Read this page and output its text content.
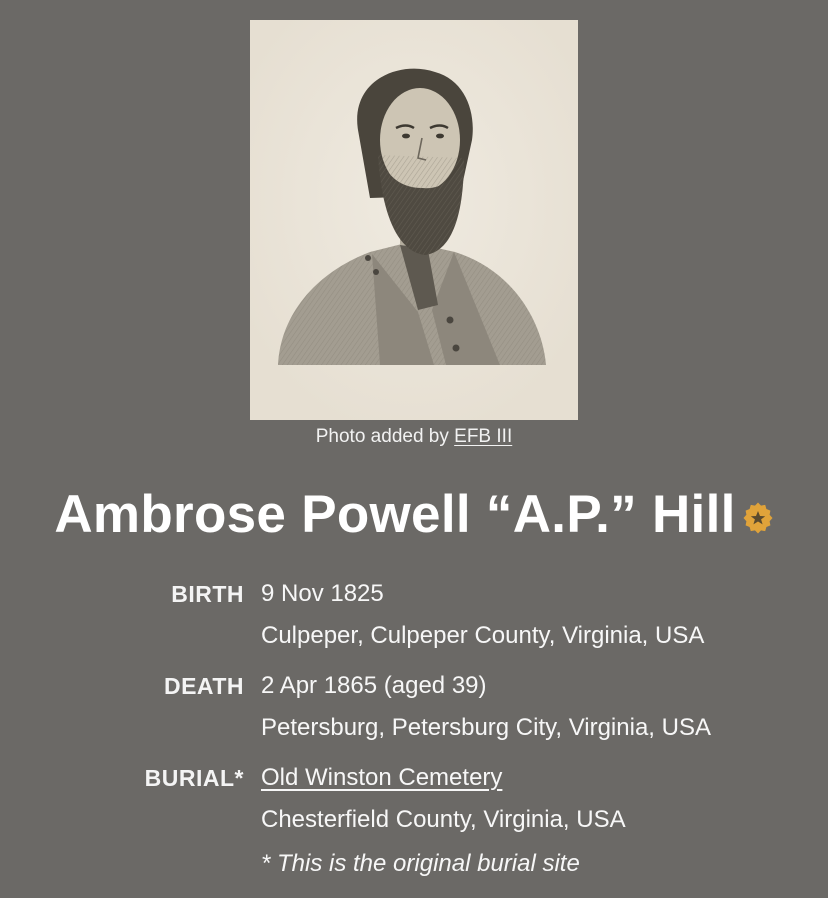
Photo added by EFB III
Ambrose Powell “A.P.” Hill
BIRTH 9 Nov 1825
Culpeper, Culpeper County, Virginia, USA
DEATH 2 Apr 1865 (aged 39)
Petersburg, Petersburg City, Virginia, USA
BURIAL* Old Winston Cemetery
Chesterfield County, Virginia, USA
* This is the original burial site
